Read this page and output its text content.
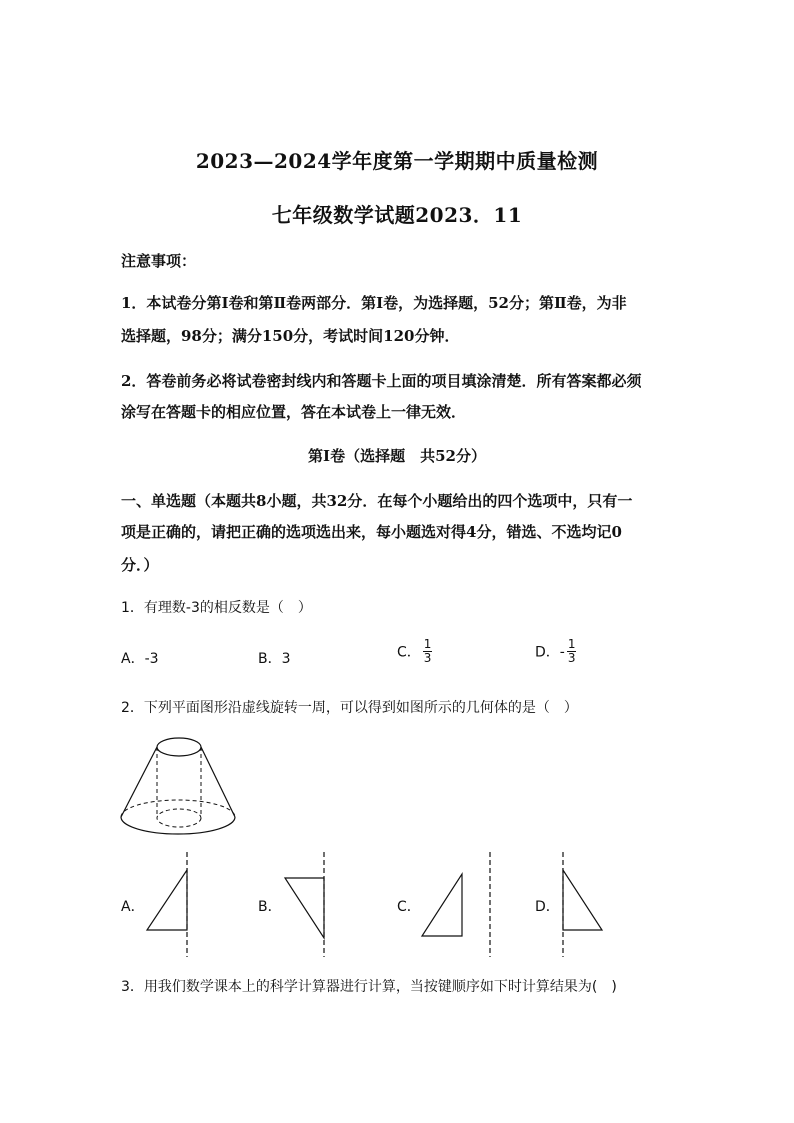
2023—2024学年度第一学期期中质量检测
七年级数学试题2023．11
注意事项：
1．本试卷分第Ⅰ卷和第Ⅱ卷两部分．第Ⅰ卷，为选择题，52分；第Ⅱ卷，为非
选择题，98分；满分150分，考试时间120分钟．
2．答卷前务必将试卷密封线内和答题卡上面的项目填涂清楚．所有答案都必须
涂写在答题卡的相应位置，答在本试卷上一律无效．
第Ⅰ卷（选择题　共52分）
一、单选题（本题共8小题，共32分．在每个小题给出的四个选项中，只有一
项是正确的，请把正确的选项选出来，每小题选对得4分，错选、不选均记0
分．）
1．有理数-3的相反数是（　）
A．-3	B．3	C． $\frac{1}{3}$	D．- $\frac{1}{3}$
2．下列平面图形沿虚线旋转一周，可以得到如图所示的几何体的是（　）
A．	B．	C．	D．
3．用我们数学课本上的科学计算器进行计算，当按键顺序如下时计算结果为(　)
